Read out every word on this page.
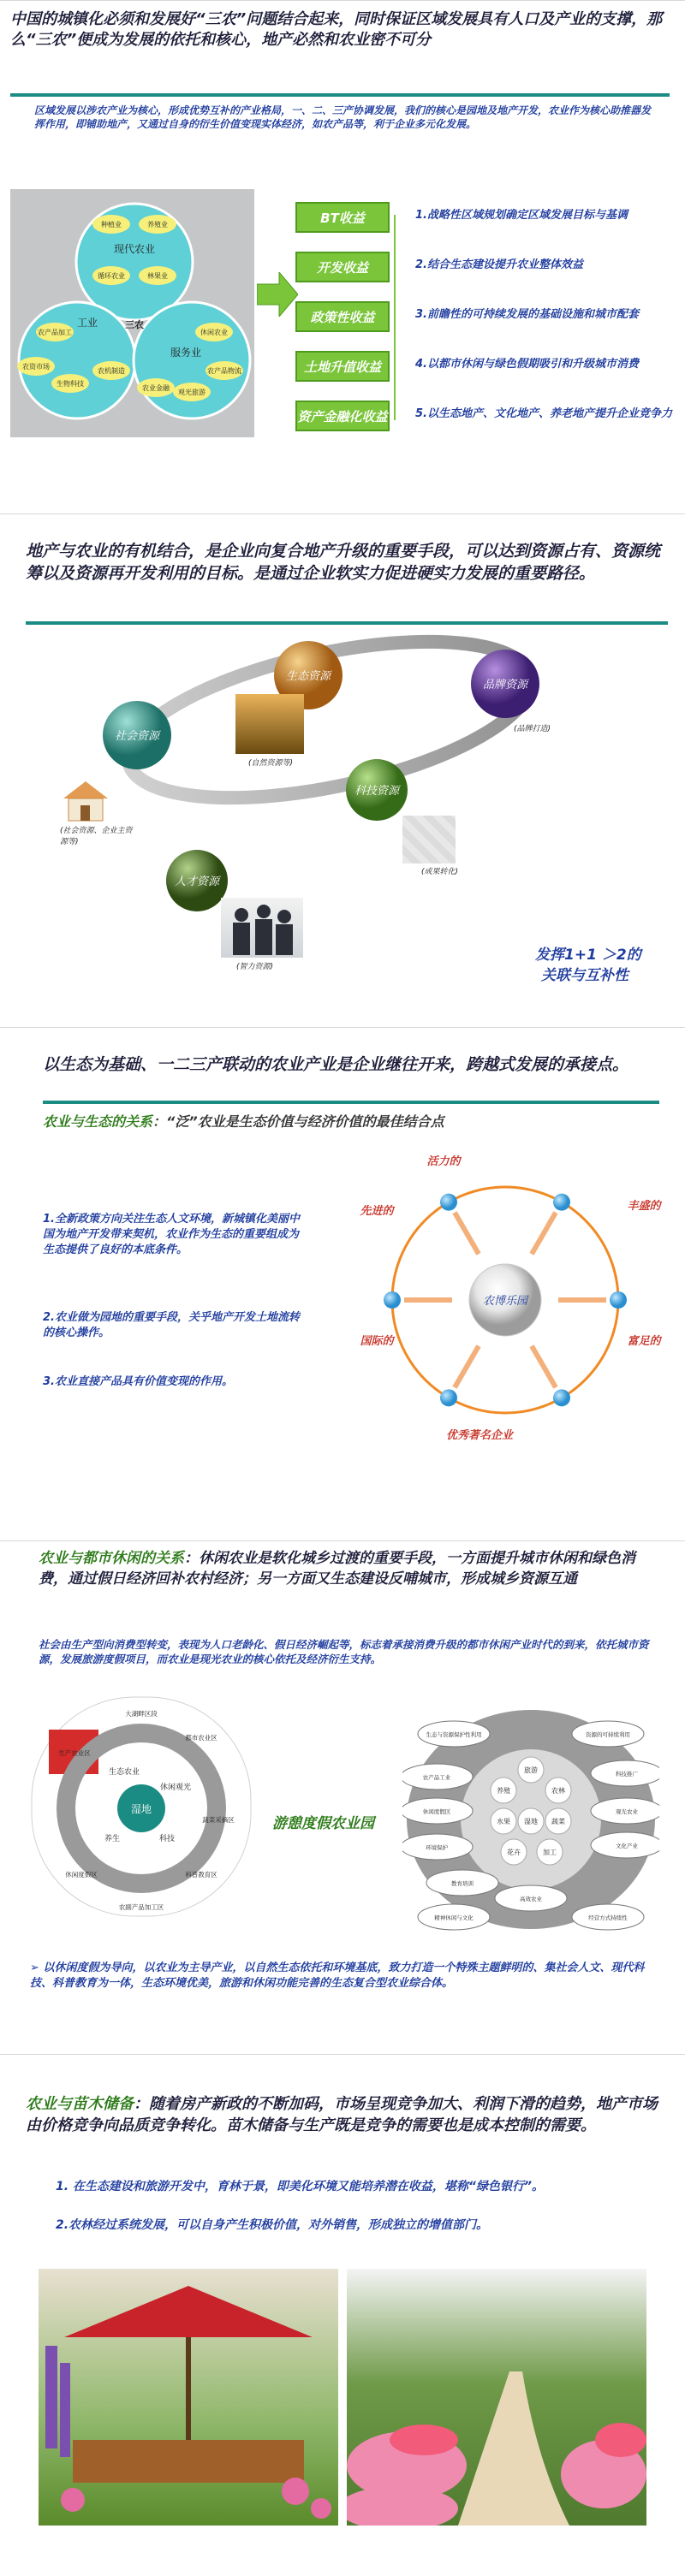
中国的城镇化必须和发展好“三农”问题结合起来，同时保证区域发展具有人口及产业的支撑，那么“三农”便成为发展的依托和核心，地产必然和农业密不可分
区域发展以涉农产业为核心，形成优势互补的产业格局，一、二、三产协调发展，我们的核心是园地及地产开发，农业作为核心助推器发挥作用，即铺助地产，又通过自身的衍生价值变现实体经济，如农产品等，利于企业多元化发展。
种植业	养殖业
现代农业
循环农业	林果业
农产品加工
工业
农资市场
生物科技
农机制造
休闲农业
服务业
农产品物流
观光旅游
农业金融
三农
BT收益
开发收益
政策性收益
土地升值收益
资产金融化收益
1.战略性区域规划确定区域发展目标与基调
2.结合生态建设提升农业整体效益
3.前瞻性的可持续发展的基础设施和城市配套
4.以都市休闲与绿色假期吸引和升级城市消费
5.以生态地产、文化地产、养老地产提升企业竞争力
地产与农业的有机结合，是企业向复合地产升级的重要手段，可以达到资源占有、资源统筹以及资源再开发利用的目标。是通过企业软实力促进硬实力发展的重要路径。
生态资源
品牌资源
社会资源
科技资源
人才资源
(自然资源等)
(品牌打造)
(社会资源、企业主资源等)
(成果转化)
(智力资源)
发挥1+1 ＞2的
关联与互补性
以生态为基础、一二三产联动的农业产业是企业继往开来，跨越式发展的承接点。
农业与生态的关系：“泛”农业是生态价值与经济价值的最佳结合点
1.全新政策方向关注生态人文环境，新城镇化美丽中国为地产开发带来契机，农业作为生态的重要组成为生态提供了良好的本底条件。
2.农业做为园地的重要手段，关乎地产开发土地流转的核心操作。
3.农业直接产品具有价值变现的作用。
活力的
丰盛的
富足的
优秀著名企业
国际的
先进的
农博乐园
农业与都市休闲的关系：休闲农业是软化城乡过渡的重要手段，一方面提升城市休闲和绿色消费，通过假日经济回补农村经济；另一方面又生态建设反哺城市，形成城乡资源互通
社会由生产型向消费型转变，表现为人口老龄化、假日经济崛起等，标志着承接消费升级的都市休闲产业时代的到来，依托城市资源，发展旅游度假项目，而农业是现光农业的核心依托及经济衍生支持。
湿地
生态农业
休闲观光
科技
养生
大湖畔区段
都市农业区
蔬菜采摘区
科普教育区
生产农业区
休闲度假区
农副产品加工区
游憩度假农业园
旅游
养殖	农林
水果 湿地 蔬菜
花卉	加工
生态与资源保护性利用	资源的可持续利用
农产品工业	科技推广
休闲度假区	观光农业
环境保护	文化产业
教育培训
精神休闲与文化
高效农业
经营方式持续性
➢ 以休闲度假为导向，以农业为主导产业，以自然生态依托和环境基底，致力打造一个特殊主题鲜明的、集社会人文、现代科技、科普教育为一体，生态环境优美，旅游和休闲功能完善的生态复合型农业综合体。
农业与苗木储备：随着房产新政的不断加码，市场呈现竞争加大、利润下滑的趋势，地产市场由价格竞争向品质竞争转化。苗木储备与生产既是竞争的需要也是成本控制的需要。
1. 在生态建设和旅游开发中，育林于景，即美化环境又能培养潜在收益，堪称“绿色银行”。
2.农林经过系统发展，可以自身产生积极价值，对外销售，形成独立的增值部门。
